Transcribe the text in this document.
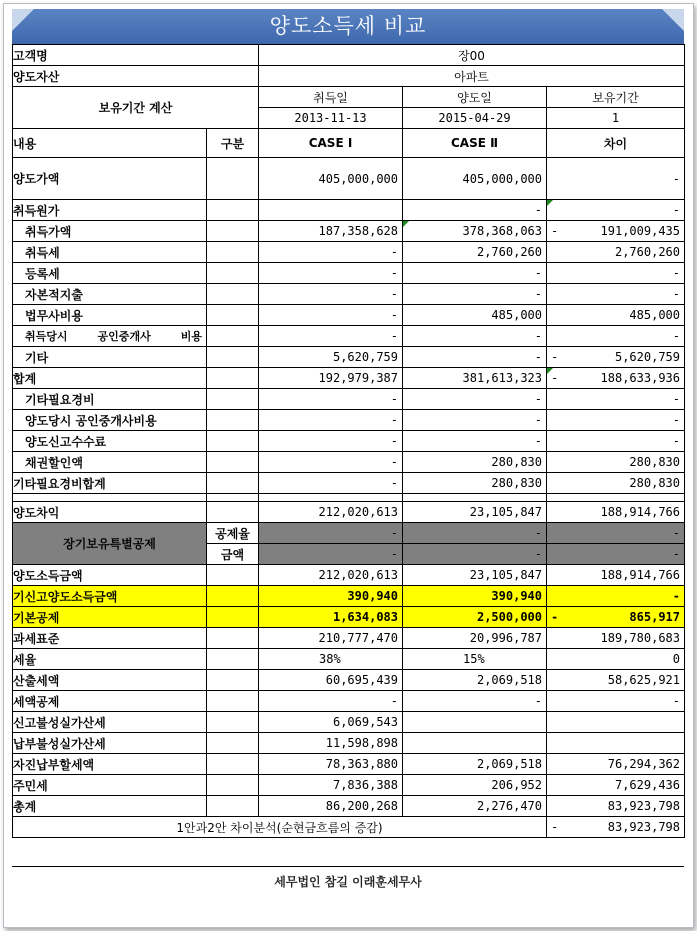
양도소득세 비교
고객명		장00		
양도자산		아파트		
보유기간 계산		취득일	양도일	보유기간
		2013-11-13	2015-04-29	1
내용	구분	CASE Ⅰ	CASE Ⅱ	차이
양도가액		405,000,000	405,000,000	-
취득원가			-	-
취득가액		187,358,628	378,368,063	- 191,009,435

취득세		-	2,760,260	2,760,260
등록세		-	-	-
자본적지출		-	-	-
법무사비용		-	485,000	485,000
취득당시 공인중개사 비용		-	-	-
기타		5,620,759	-	- 5,620,759

합계		192,979,387	381,613,323	- 188,633,936

기타필요경비		-	-	-
양도당시 공인중개사비용		-	-	-
양도신고수수료		-	-	-
채권할인액		-	280,830	280,830
기타필요경비합계		-	280,830	280,830

양도차익		212,020,613	23,105,847	188,914,766
장기보유특별공제	공제율	-	-	-
	금액	-	-	-
양도소득금액		212,020,613	23,105,847	188,914,766
기신고양도소득금액		390,940	390,940	-
기본공제		1,634,083	2,500,000	- 865,917

과세표준		210,777,470	20,996,787	189,780,683
세율		38%	15%	0
산출세액		60,695,439	2,069,518	58,625,921
세액공제		-	-	-
신고불성실가산세		6,069,543		
납부불성실가산세		11,598,898		
자진납부할세액		78,363,880	2,069,518	76,294,362
주민세		7,836,388	206,952	7,629,436
총계		86,200,268	2,276,470	83,923,798
1안과2안 차이분석(순현금흐름의 증감)				- 83,923,798
세무법인 참길 이래훈세무사
